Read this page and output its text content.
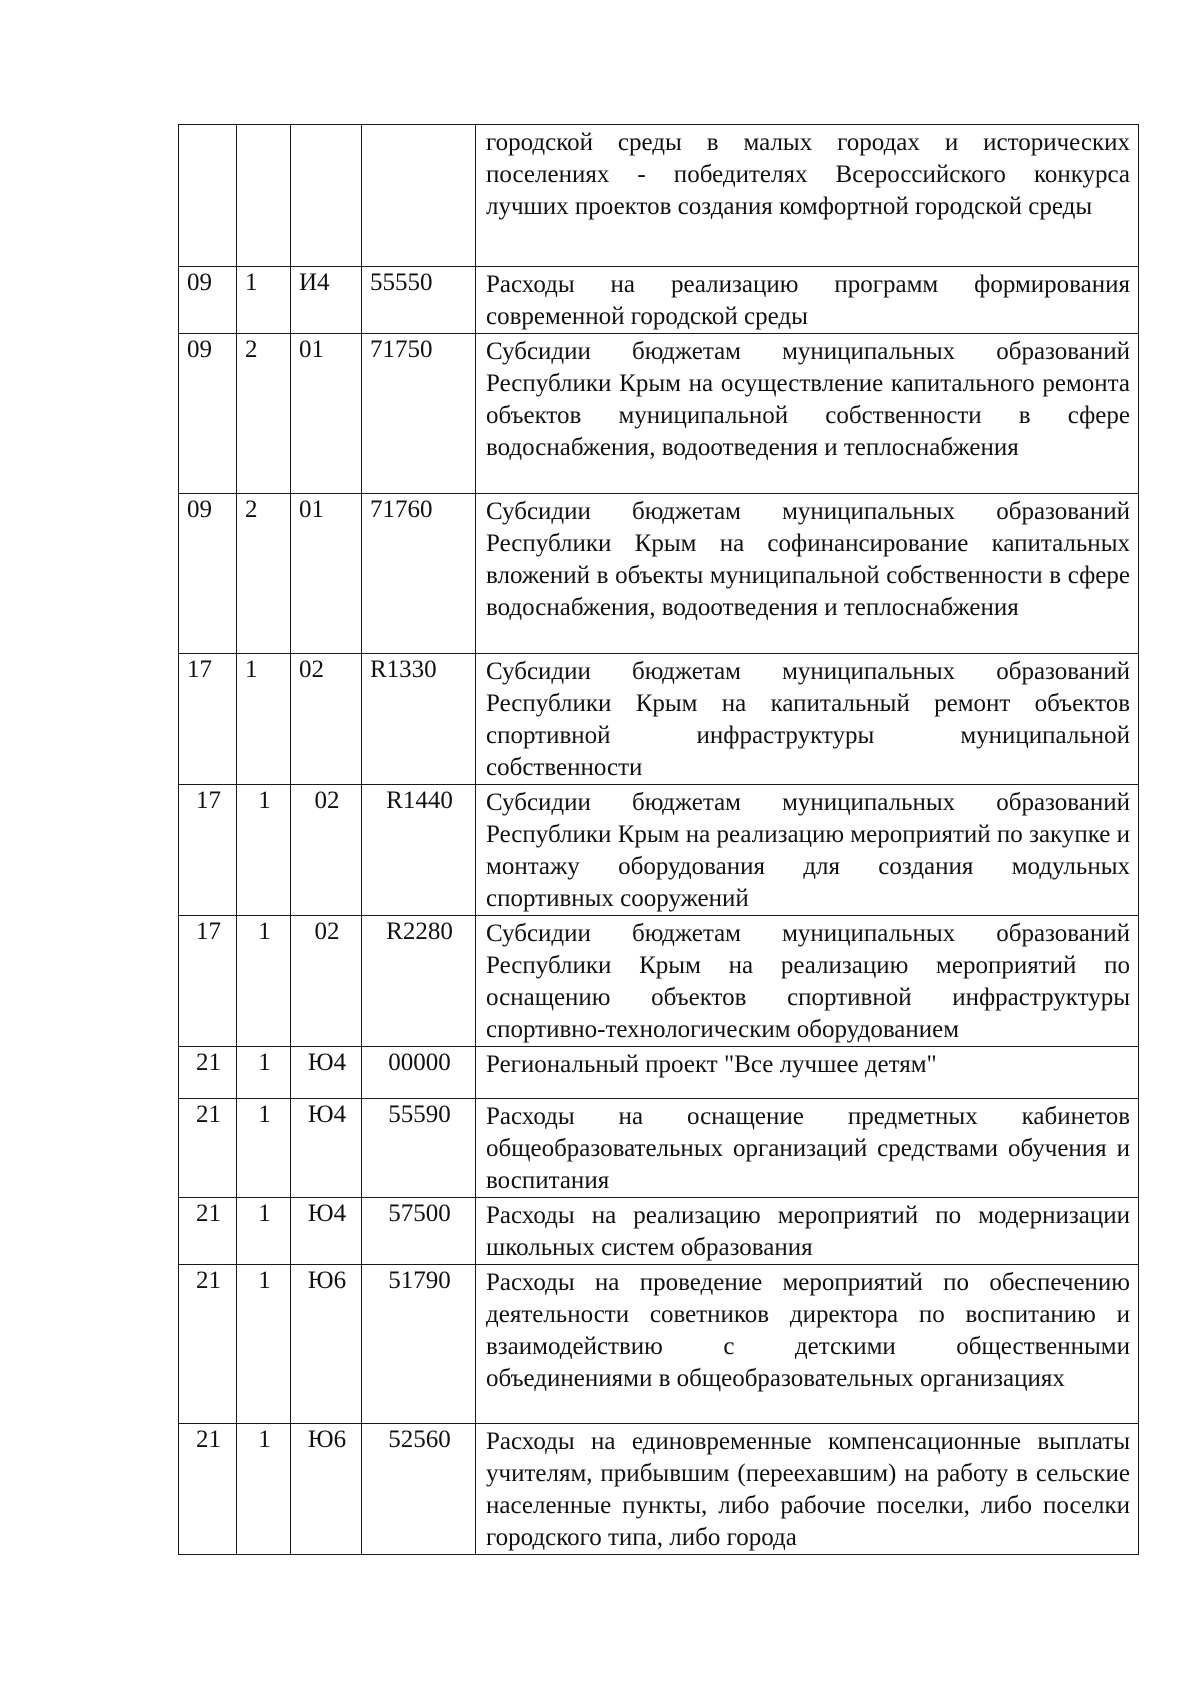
				городской среды в малых городах и исторических поселениях - победителях Всероссийского конкурса лучших проектов создания комфортной городской среды

09	1	И4	55550	Расходы на реализацию программ формирования современной городской среды

09	2	01	71750	Субсидии бюджетам муниципальных образований Республики Крым на осуществление капитального ремонта объектов муниципальной собственности в сфере водоснабжения, водоотведения и теплоснабжения

09	2	01	71760	Субсидии бюджетам муниципальных образований Республики Крым на софинансирование капитальных вложений в объекты муниципальной собственности в сфере водоснабжения, водоотведения и теплоснабжения

17	1	02	R1330	Субсидии бюджетам муниципальных образований Республики Крым на капитальный ремонт объектов спортивной инфраструктуры муниципальной собственности

17	1	02	R1440	Субсидии бюджетам муниципальных образований Республики Крым на реализацию мероприятий по закупке и монтажу оборудования для создания модульных спортивных сооружений

17	1	02	R2280	Субсидии бюджетам муниципальных образований Республики Крым на реализацию мероприятий по оснащению объектов спортивной инфраструктуры спортивно-технологическим оборудованием

21	1	Ю4	00000	Региональный проект "Все лучшее детям"

21	1	Ю4	55590	Расходы на оснащение предметных кабинетов общеобразовательных организаций средствами обучения и воспитания

21	1	Ю4	57500	Расходы на реализацию мероприятий по модернизации школьных систем образования

21	1	Ю6	51790	Расходы на проведение мероприятий по обеспечению деятельности советников директора по воспитанию и взаимодействию с детскими общественными объединениями в общеобразовательных организациях

21	1	Ю6	52560	Расходы на единовременные компенсационные выплаты учителям, прибывшим (переехавшим) на работу в сельские населенные пункты, либо рабочие поселки, либо поселки городского типа, либо города
